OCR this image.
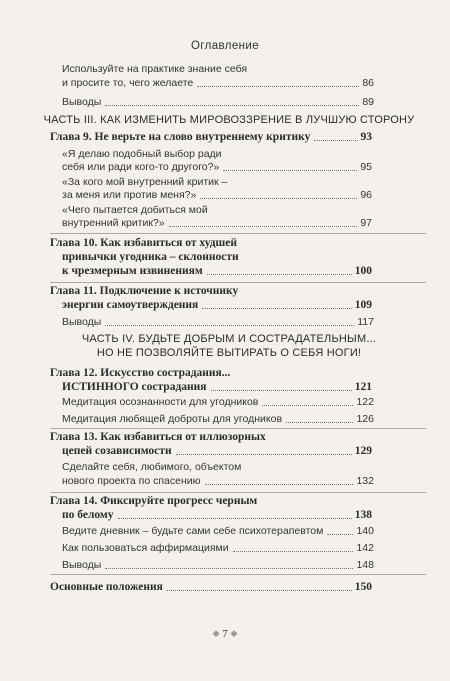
Оглавление
Используйте на практике знание себя
и просите то, чего желаете	86
Выводы	89
ЧАСТЬ III. КАК ИЗМЕНИТЬ МИРОВОЗЗРЕНИЕ В ЛУЧШУЮ СТОРОНУ
Глава 9. Не верьте на слово внутреннему критику	93
«Я делаю подобный выбор ради
себя или ради кого-то другого?»	95
«За кого мой внутренний критик –
за меня или против меня?»	96
«Чего пытается добиться мой
внутренний критик?»	97
Глава 10. Как избавиться от худшей
привычки угодника – склонности
к чрезмерным извинениям	100
Глава 11. Подключение к источнику
энергии самоутверждения	109
Выводы	117
ЧАСТЬ IV. БУДЬТЕ ДОБРЫМ И СОСТРАДАТЕЛЬНЫМ...
НО НЕ ПОЗВОЛЯЙТЕ ВЫТИРАТЬ О СЕБЯ НОГИ!
Глава 12. Искусство сострадания...
ИСТИННОГО сострадания	121
Медитация осознанности для угодников	122
Медитация любящей доброты для угодников	126
Глава 13. Как избавиться от иллюзорных
цепей созависимости	129
Сделайте себя, любимого, объектом
нового проекта по спасению	132
Глава 14. Фиксируйте прогресс черным
по белому	138
Ведите дневник – будьте сами себе психотерапевтом	140
Как пользоваться аффирмациями	142
Выводы	148
Основные положения	150
◆ 7 ◆
